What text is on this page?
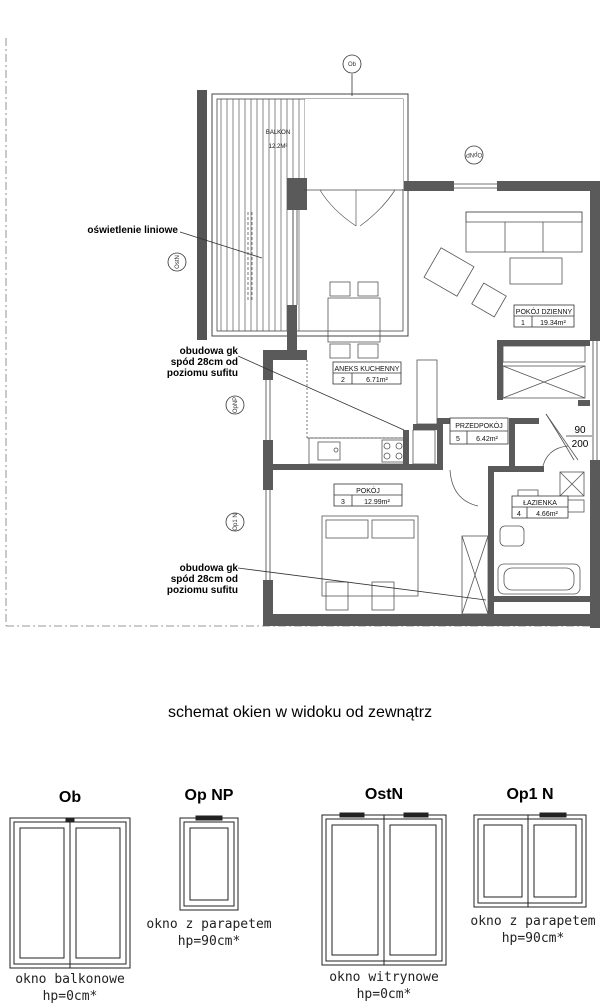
Ob
OpNP
OstN
OpNP
Op1 N
POKÓJ DZIENNY
1 19.34m²
ANEKS KUCHENNY
2	6.71m²
POKÓJ
3	12.99m²	ŁAZIENKA
4 4.66m²
PRZEDPOKÓJ
5 6.42m²
BALKON
12.2M²
90
200
oświetlenie liniowe
obudowa gk
spód 28cm od
poziomu sufitu
obudowa gk
spód 28cm od
poziomu sufitu
schemat okien w widoku od zewnątrz
Ob	Op NP	OstN	Op1 N
okno balkonowe
hp=0cm*
okno z parapetem
hp=90cm*
okno witrynowe
hp=0cm*
okno z parapetem
hp=90cm*
